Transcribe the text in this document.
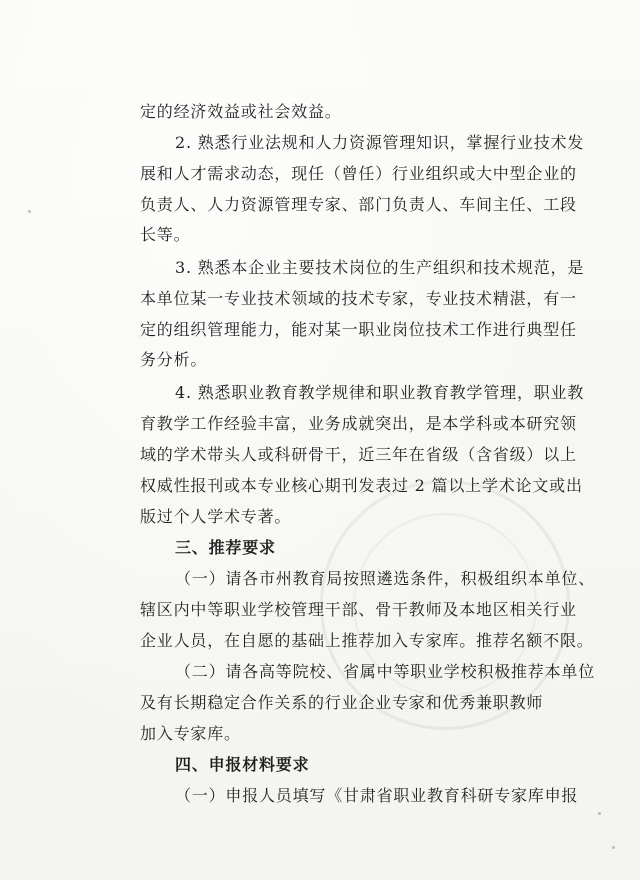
定的经济效益或社会效益。
2. 熟悉行业法规和人力资源管理知识，掌握行业技术发
展和人才需求动态，现任（曾任）行业组织或大中型企业的
负责人、人力资源管理专家、部门负责人、车间主任、工段
长等。
3. 熟悉本企业主要技术岗位的生产组织和技术规范，是
本单位某一专业技术领域的技术专家，专业技术精湛，有一
定的组织管理能力，能对某一职业岗位技术工作进行典型任
务分析。
4. 熟悉职业教育教学规律和职业教育教学管理，职业教
育教学工作经验丰富，业务成就突出，是本学科或本研究领
域的学术带头人或科研骨干，近三年在省级（含省级）以上
权威性报刊或本专业核心期刊发表过 2 篇以上学术论文或出
版过个人学术专著。
三、推荐要求
（一）请各市州教育局按照遴选条件，积极组织本单位、
辖区内中等职业学校管理干部、骨干教师及本地区相关行业
企业人员，在自愿的基础上推荐加入专家库。推荐名额不限。
（二）请各高等院校、省属中等职业学校积极推荐本单位
及有长期稳定合作关系的行业企业专家和优秀兼职教师
加入专家库。
四、申报材料要求
（一）申报人员填写《甘肃省职业教育科研专家库申报
